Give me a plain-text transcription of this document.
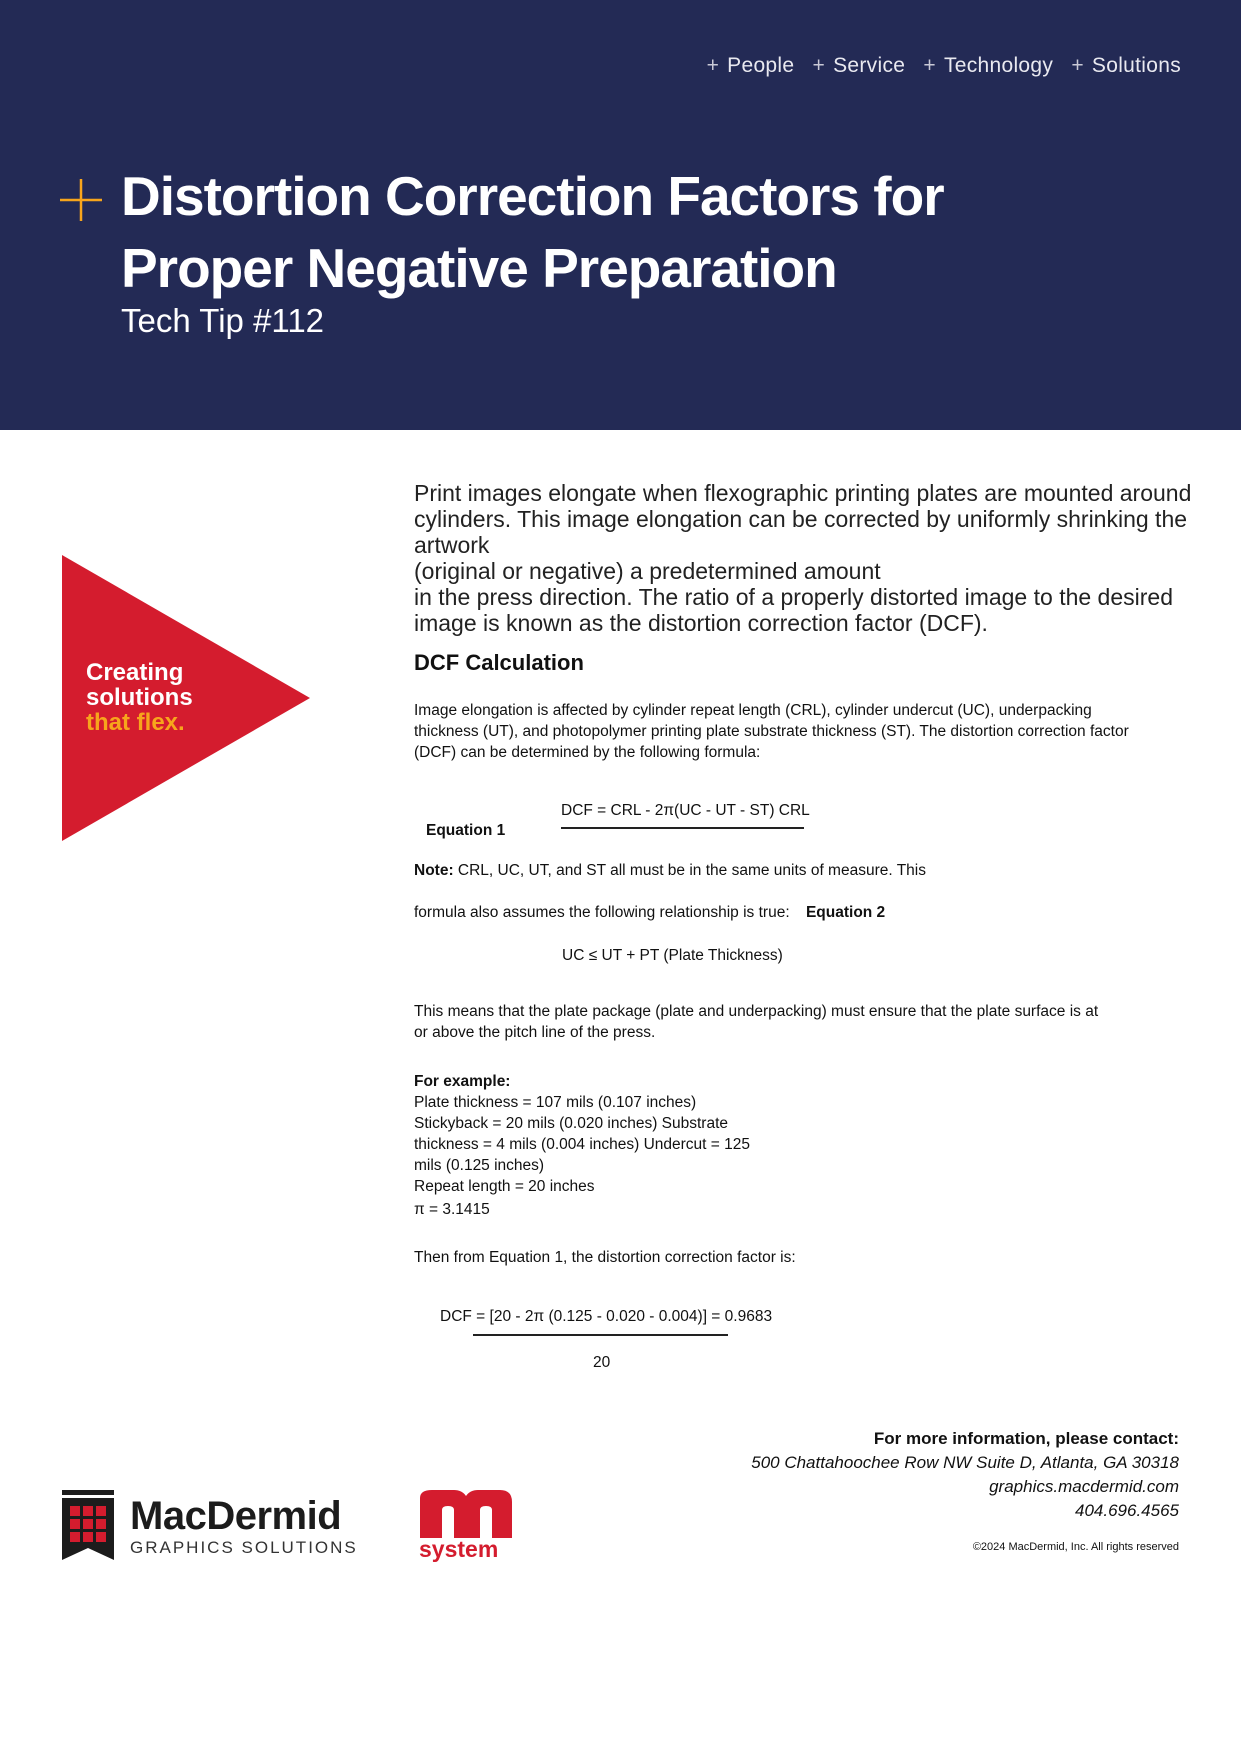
+ People + Service + Technology + Solutions
Distortion Correction Factors for
Proper Negative Preparation

Tech Tip #112

Creating
solutions
that flex.

Print images elongate when flexographic printing plates are mounted around
cylinders. This image elongation can be corrected by uniformly shrinking the artwork
(original or negative) a predetermined amount
in the press direction. The ratio of a properly distorted image to the desired
image is known as the distortion correction factor (DCF).

DCF Calculation

Image elongation is affected by cylinder repeat length (CRL), cylinder undercut (UC), underpacking
thickness (UT), and photopolymer printing plate substrate thickness (ST). The distortion correction factor
(DCF) can be determined by the following formula:

DCF = CRL - 2π(UC - UT - ST) CRL
Equation 1

Note: CRL, UC, UT, and ST all must be in the same units of measure. This

formula also assumes the following relationship is true: Equation 2

UC ≤ UT + PT (Plate Thickness)

This means that the plate package (plate and underpacking) must ensure that the plate surface is at
or above the pitch line of the press.

For example:
Plate thickness = 107 mils (0.107 inches)
Stickyback = 20 mils (0.020 inches) Substrate
thickness = 4 mils (0.004 inches) Undercut = 125
mils (0.125 inches)
Repeat length = 20 inches
π = 3.1415
Then from Equation 1, the distortion correction factor is:
DCF = [20 - 2π (0.125 - 0.020 - 0.004)] = 0.9683
20
For more information, please contact:
500 Chattahoochee Row NW Suite D, Atlanta, GA 30318
graphics.macdermid.com
404.696.4565
©2024 MacDermid, Inc. All rights reserved
MacDermid
GRAPHICS SOLUTIONS	system
